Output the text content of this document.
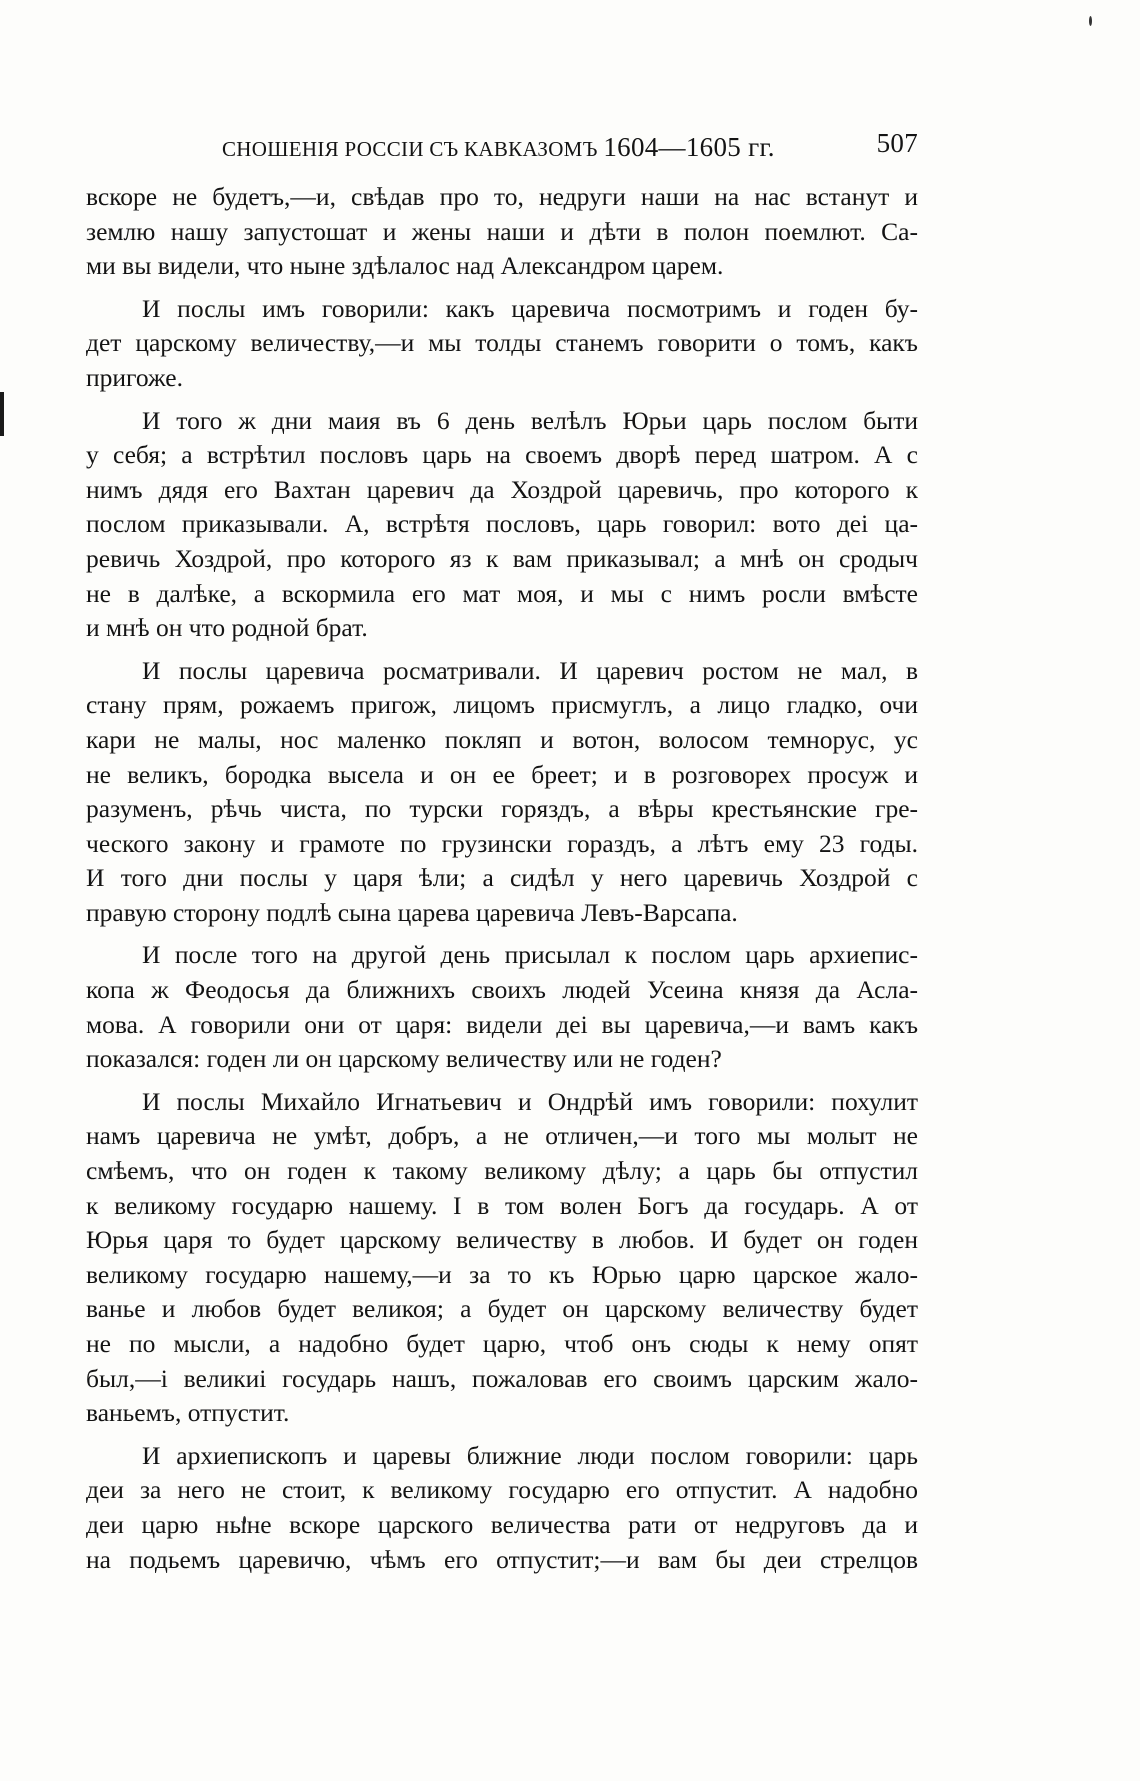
СНОШЕНІЯ РОССІИ СЪ КАВКАЗОМЪ 1604—1605 гг.	507
вскоре не будетъ,—и, свѣдав про то, недруги наши на нас встанут и
землю нашу запустошат и жены наши и дѣти в полон поемлют. Са-
ми вы видели, что ныне здѣлалос над Александром царем.
И послы имъ говорили: какъ царевича посмотримъ и годен бу-
дет царскому величеству,—и мы толды станемъ говорити о томъ, какъ
пригоже.
И того ж дни маия въ 6 день велѣлъ Юрьи царь послом быти
у себя; а встрѣтил пословъ царь на своемъ дворѣ перед шатром. А с
нимъ дядя его Вахтан царевич да Хоздрой царевичь, про которого к
послом приказывали. А, встрѣтя пословъ, царь говорил: вото деі ца-
ревичь Хоздрой, про которого яз к вам приказывал; а мнѣ он сродыч
не в далѣке, а вскормила его мат моя, и мы с нимъ росли вмѣсте
и мнѣ он что родной брат.
И послы царевича росматривали. И царевич ростом не мал, в
стану прям, рожаемъ пригож, лицомъ присмуглъ, а лицо гладко, очи
кари не малы, нос маленко покляп и вотон, волосом темнорус, ус
не великъ, бородка высела и он ее бреет; и в розговорех просуж и
разуменъ, рѣчь чиста, по турски горяздъ, а вѣры крестьянские гре-
ческого закону и грамоте по грузински гораздъ, а лѣтъ ему 23 годы.
И того дни послы у царя ѣли; а сидѣл у него царевичь Хоздрой с
правую сторону подлѣ сына царева царевича Левъ-Варсапа.
И после того на другой день присылал к послом царь архиепис-
копа ж Феодосья да ближнихъ своихъ людей Усеина князя да Асла-
мова. А говорили они от царя: видели деі вы царевича,—и вамъ какъ
показался: годен ли он царскому величеству или не годен?
И послы Михайло Игнатьевич и Ондрѣй имъ говорили: похулит
намъ царевича не умѣт, добръ, а не отличен,—и того мы молыт не
смѣемъ, что он годен к такому великому дѣлу; а царь бы отпустил
к великому государю нашему. І в том волен Богъ да государь. А от
Юрья царя то будет царскому величеству в любов. И будет он годен
великому государю нашему,—и за то къ Юрью царю царское жало-
ванье и любов будет великоя; а будет он царскому величеству будет
не по мысли, а надобно будет царю, чтоб онъ сюды к нему опят
был,—і великиі государь нашъ, пожаловав его своимъ царским жало-
ваньемъ, отпустит.
И архиепископъ и царевы ближние люди послом говорили: царь
деи за него не стоит, к великому государю его отпустит. А надобно
деи царю ныне вскоре царского величества рати от недруговъ да и
на подьемъ царевичю, чѣмъ его отпустит;—и вам бы деи стрелцов
